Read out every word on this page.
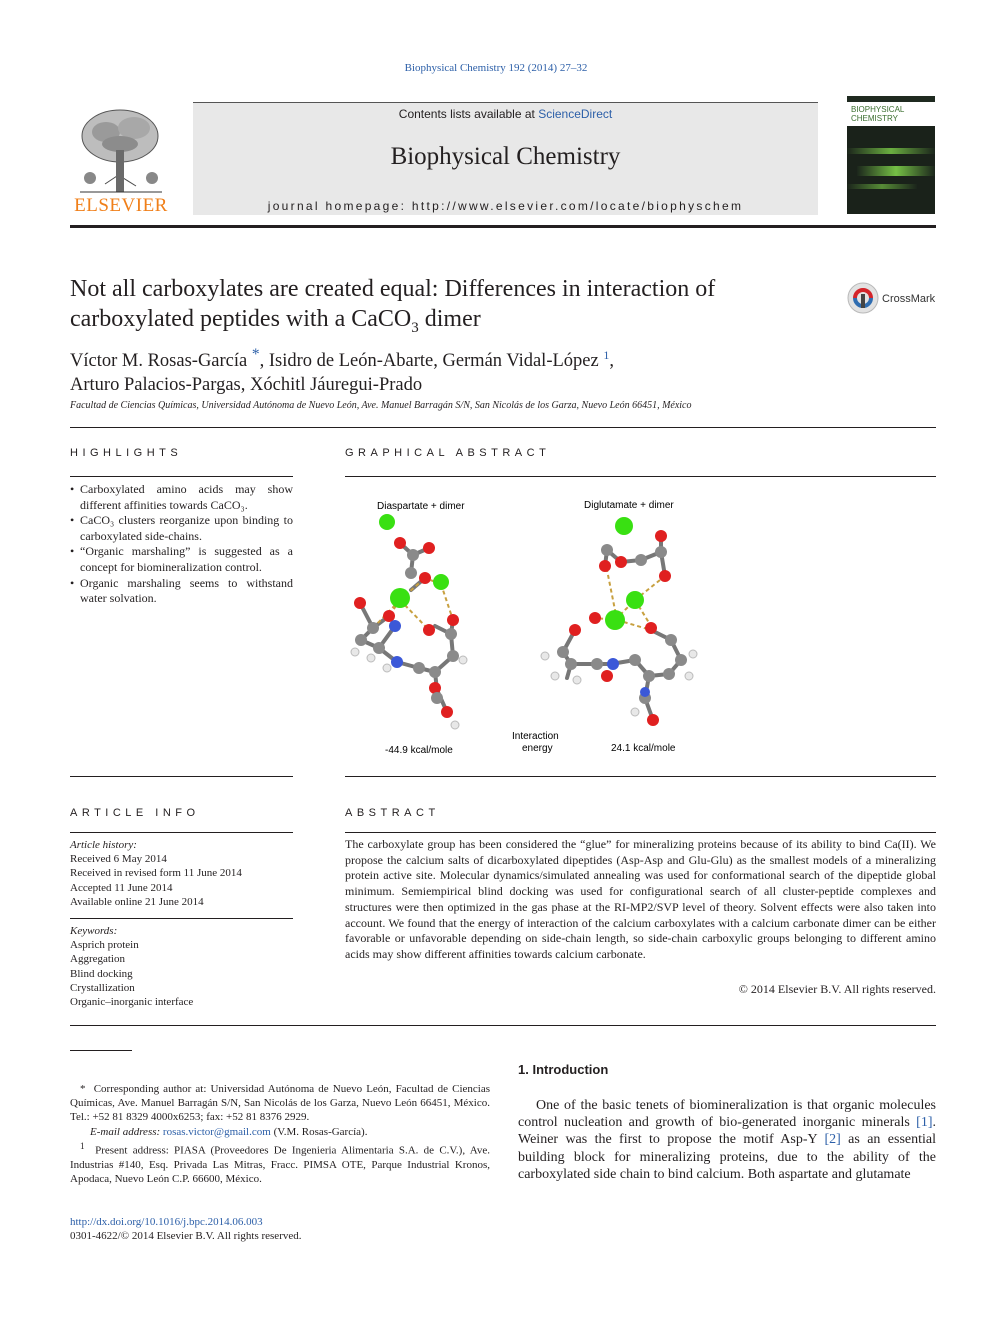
Biophysical Chemistry 192 (2014) 27–32
ELSEVIER
Contents lists available at ScienceDirect
Biophysical Chemistry
journal homepage: http://www.elsevier.com/locate/biophyschem
BIOPHYSICAL CHEMISTRY
Not all carboxylates are created equal: Differences in interaction of carboxylated peptides with a CaCO$_3$ dimer
CrossMark
Víctor M. Rosas-García *, Isidro de León-Abarte, Germán Vidal-López $^1$,
Arturo Palacios-Pargas, Xóchitl Jáuregui-Prado
Facultad de Ciencias Químicas, Universidad Autónoma de Nuevo León, Ave. Manuel Barragán S/N, San Nicolás de los Garza, Nuevo León 66451, México
HIGHLIGHTS
• Carboxylated amino acids may show different affinities towards CaCO₃.
• CaCO₃ clusters reorganize upon binding to carboxylated side-chains.
• “Organic marshaling” is suggested as a concept for biomineralization control.
• Organic marshaling seems to withstand water solvation.
GRAPHICAL ABSTRACT
Diaspartate + dimer	Diglutamate + dimer
-44.9 kcal/mole	24.1 kcal/mole
Interaction
energy
ARTICLE INFO
Article history:
Received 6 May 2014
Received in revised form 11 June 2014
Accepted 11 June 2014
Available online 21 June 2014
Keywords:
Asprich protein
Aggregation
Blind docking
Crystallization
Organic–inorganic interface
ABSTRACT
The carboxylate group has been considered the “glue” for mineralizing proteins because of its ability to bind Ca(II). We propose the calcium salts of dicarboxylated dipeptides (Asp-Asp and Glu-Glu) as the smallest models of a mineralizing protein active site. Molecular dynamics/simulated annealing was used for conformational search of the dipeptide global minimum. Semiempirical blind docking was used for configurational search of all cluster-peptide complexes and structures were then optimized in the gas phase at the RI-MP2/SVP level of theory. Solvent effects were also taken into account. We found that the energy of interaction of the calcium carboxylates with a calcium carbonate dimer can be either favorable or unfavorable depending on side-chain length, so side-chain carboxylic groups belonging to different amino acids may show different affinities towards calcium carbonate.
© 2014 Elsevier B.V. All rights reserved.
* Corresponding author at: Universidad Autónoma de Nuevo León, Facultad de Ciencias Químicas, Ave. Manuel Barragán S/N, San Nicolás de los Garza, Nuevo León 66451, México. Tel.: +52 81 8329 4000x6253; fax: +52 81 8376 2929.
E-mail address: rosas.victor@gmail.com (V.M. Rosas-García).
$^1$ Present address: PIASA (Proveedores De Ingenieria Alimentaria S.A. de C.V.), Ave. Industrias #140, Esq. Privada Las Mitras, Fracc. PIMSA OTE, Parque Industrial Kronos, Apodaca, Nuevo León C.P. 66600, México.
http://dx.doi.org/10.1016/j.bpc.2014.06.003
0301-4622/© 2014 Elsevier B.V. All rights reserved.
1. Introduction
One of the basic tenets of biomineralization is that organic molecules control nucleation and growth of bio-generated inorganic minerals [1]. Weiner was the first to propose the motif Asp-Y [2] as an essential building block for mineralizing proteins, due to the ability of the carboxylated side chain to bind calcium. Both aspartate and glutamate
